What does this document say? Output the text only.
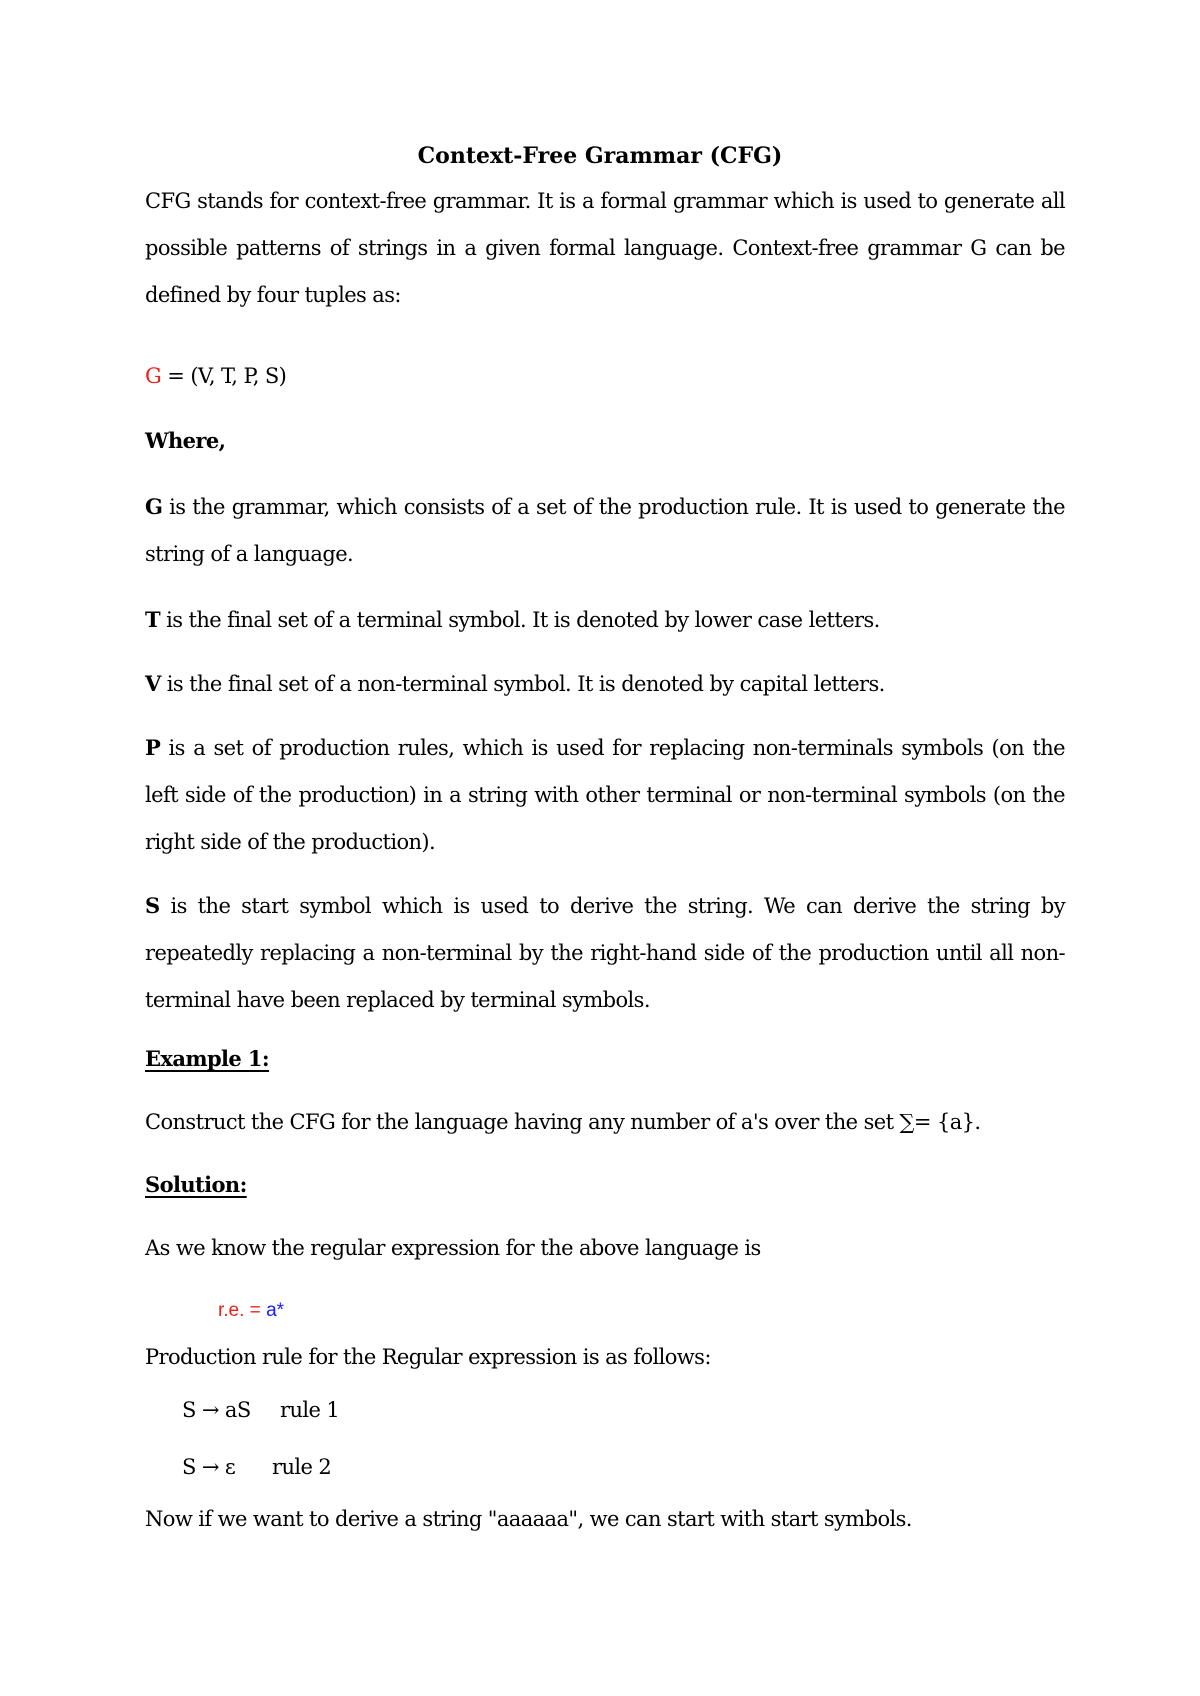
Context-Free Grammar (CFG)
CFG stands for context-free grammar. It is a formal grammar which is used to generate all possible patterns of strings in a given formal language. Context-free grammar G can be defined by four tuples as:
G = (V, T, P, S)
Where,
G is the grammar, which consists of a set of the production rule. It is used to generate the string of a language.
T is the final set of a terminal symbol. It is denoted by lower case letters.
V is the final set of a non-terminal symbol. It is denoted by capital letters.
P is a set of production rules, which is used for replacing non-terminals symbols (on the left side of the production) in a string with other terminal or non-terminal symbols (on the right side of the production).
S is the start symbol which is used to derive the string. We can derive the string by repeatedly replacing a non-terminal by the right-hand side of the production until all non-terminal have been replaced by terminal symbols.
Example 1:
Construct the CFG for the language having any number of a's over the set ∑= {a}.
Solution:
As we know the regular expression for the above language is
r.e. = a*
Production rule for the Regular expression is as follows:
S → aS rule 1
S → ε rule 2
Now if we want to derive a string "aaaaaa", we can start with start symbols.
